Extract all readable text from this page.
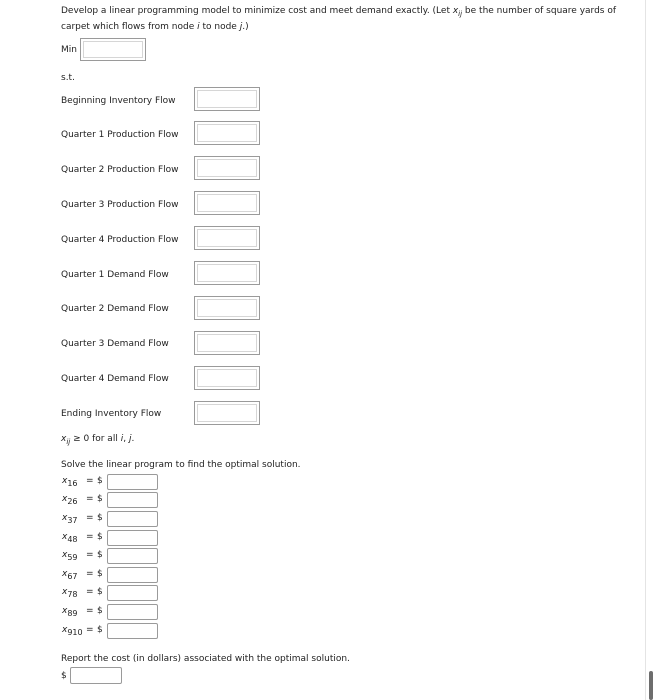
Develop a linear programming model to minimize cost and meet demand exactly. (Let $x_{ij}$ be the number of square yards of carpet which flows from node i to node j.)
Min
s.t.
Beginning Inventory Flow
Quarter 1 Production Flow
Quarter 2 Production Flow
Quarter 3 Production Flow
Quarter 4 Production Flow
Quarter 1 Demand Flow
Quarter 2 Demand Flow
Quarter 3 Demand Flow
Quarter 4 Demand Flow
Ending Inventory Flow
$x_{ij} \ge 0$ for all i, j.
Solve the linear program to find the optimal solution.
$x_{16}$ = $
$x_{26}$ = $
$x_{37}$ = $
$x_{48}$ = $
$x_{59}$ = $
$x_{67}$ = $
$x_{78}$ = $
$x_{89}$ = $
$x_{910}$ = $
Report the cost (in dollars) associated with the optimal solution.
$
